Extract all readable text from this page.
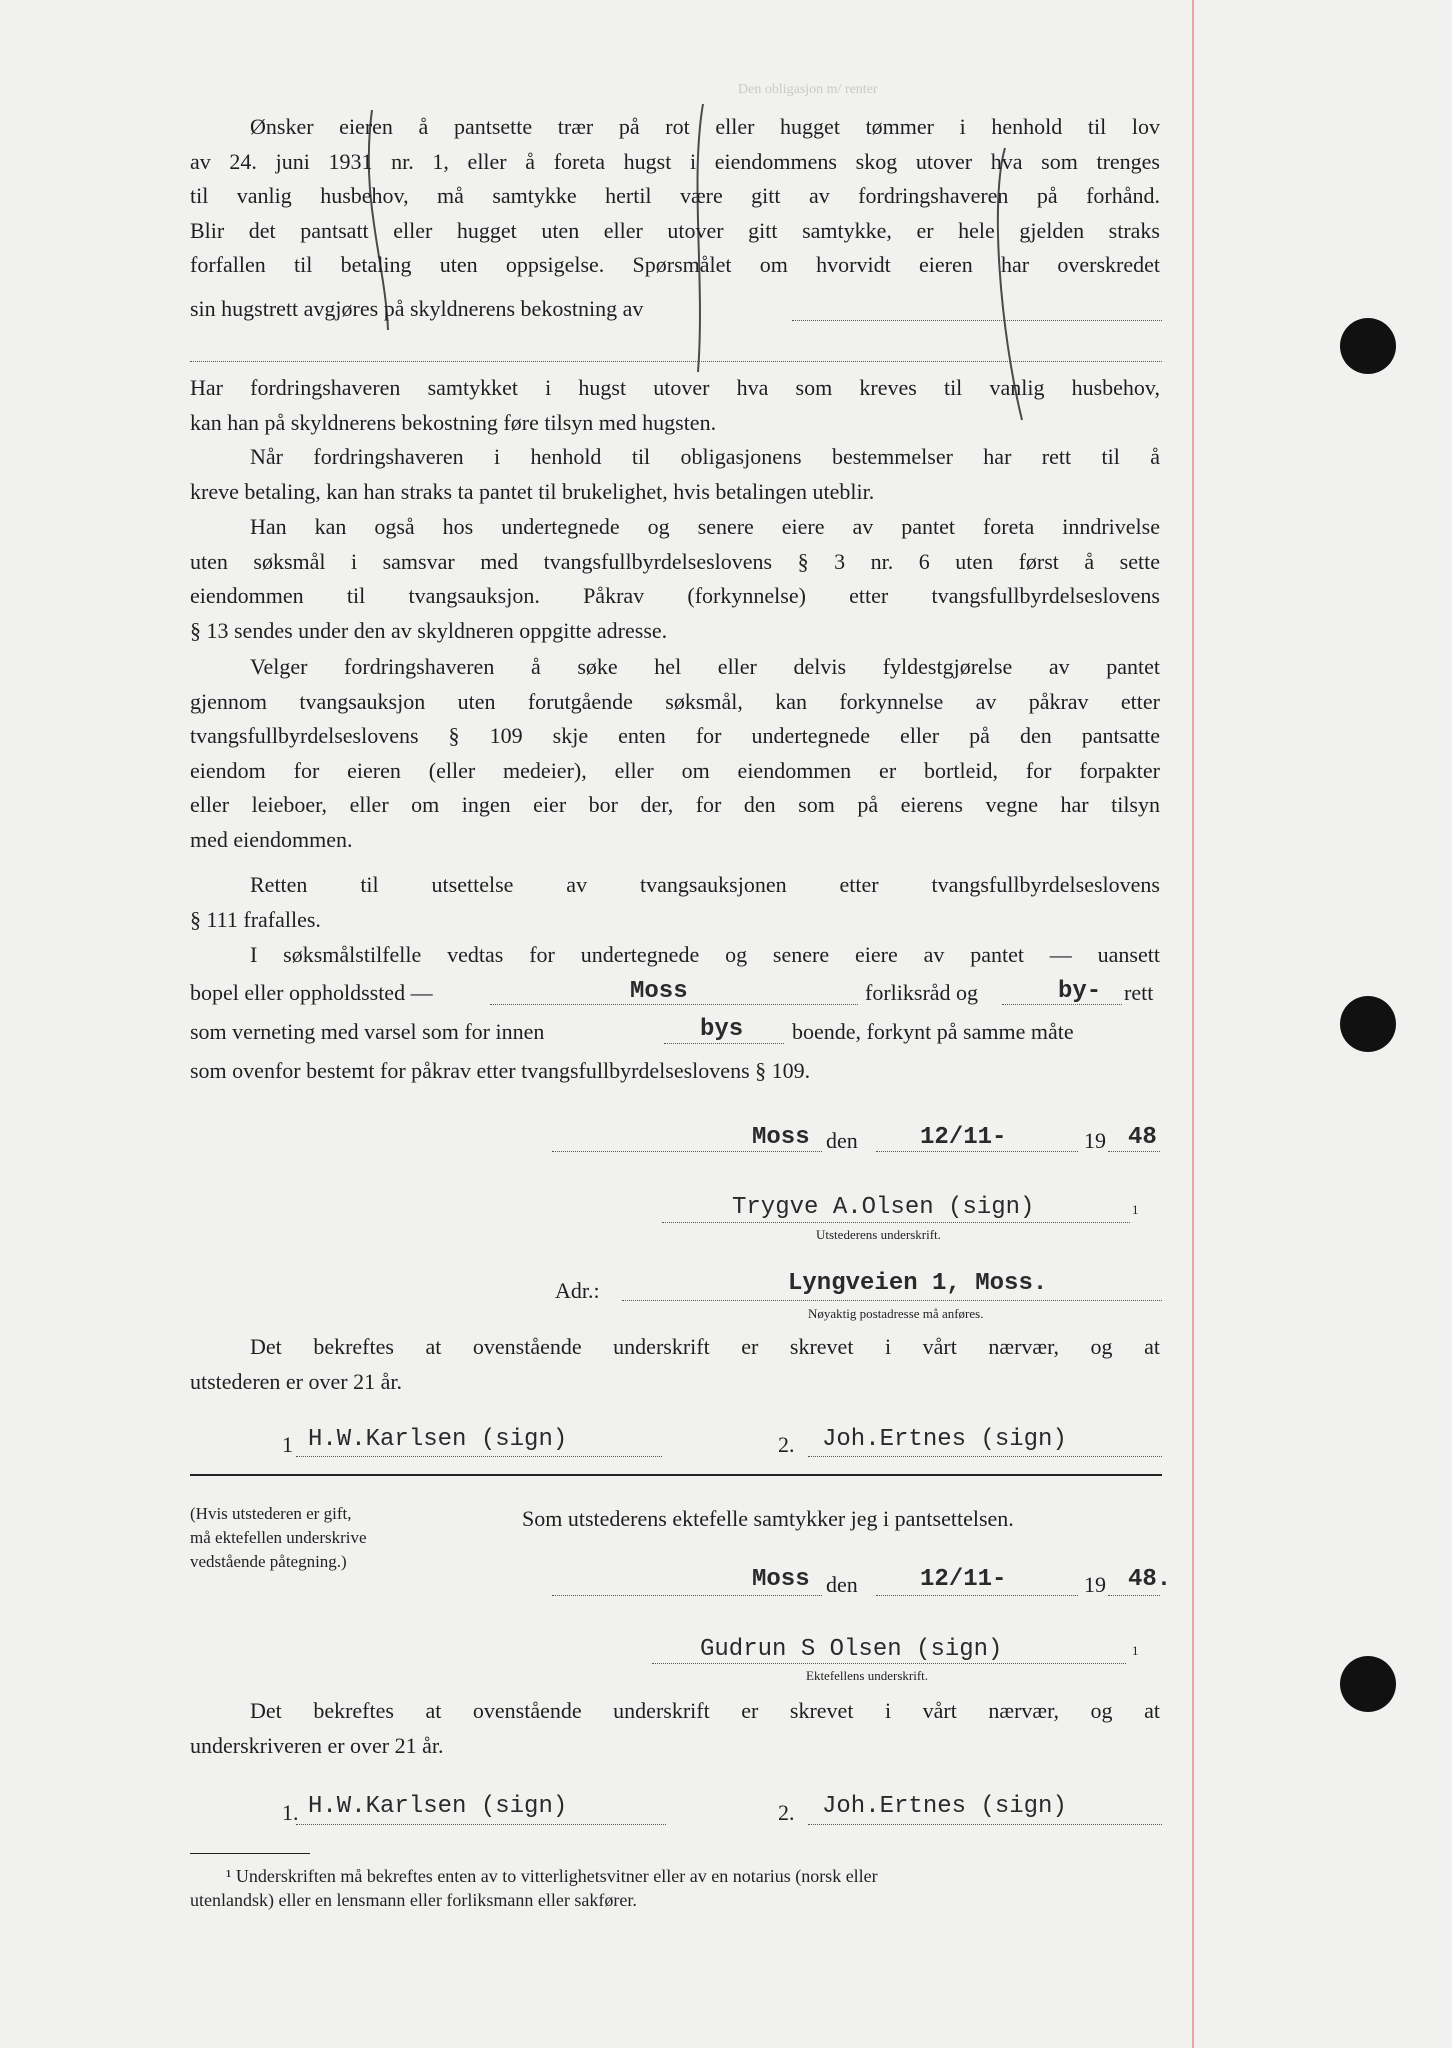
Den obligasjon m/ renter
Ønsker eieren å pantsette trær på rot eller hugget tømmer i henhold til lov
av 24. juni 1931 nr. 1, eller å foreta hugst i eiendommens skog utover hva som trenges
til vanlig husbehov, må samtykke hertil være gitt av fordringshaveren på forhånd.
Blir det pantsatt eller hugget uten eller utover gitt samtykke, er hele gjelden straks
forfallen til betaling uten oppsigelse. Spørsmålet om hvorvidt eieren har overskredet
sin hugstrett avgjøres på skyldnerens bekostning av
Har fordringshaveren samtykket i hugst utover hva som kreves til vanlig husbehov,
kan han på skyldnerens bekostning føre tilsyn med hugsten.
Når fordringshaveren i henhold til obligasjonens bestemmelser har rett til å
kreve betaling, kan han straks ta pantet til brukelighet, hvis betalingen uteblir.
Han kan også hos undertegnede og senere eiere av pantet foreta inndrivelse
uten søksmål i samsvar med tvangsfullbyrdelseslovens § 3 nr. 6 uten først å sette
eiendommen til tvangsauksjon. Påkrav (forkynnelse) etter tvangsfullbyrdelseslovens
§ 13 sendes under den av skyldneren oppgitte adresse.
Velger fordringshaveren å søke hel eller delvis fyldestgjørelse av pantet
gjennom tvangsauksjon uten forutgående søksmål, kan forkynnelse av påkrav etter
tvangsfullbyrdelseslovens § 109 skje enten for undertegnede eller på den pantsatte
eiendom for eieren (eller medeier), eller om eiendommen er bortleid, for forpakter
eller leieboer, eller om ingen eier bor der, for den som på eierens vegne har tilsyn
med eiendommen.
Retten til utsettelse av tvangsauksjonen etter tvangsfullbyrdelseslovens
§ 111 frafalles.
I søksmålstilfelle vedtas for undertegnede og senere eiere av pantet — uansett
bopel eller oppholdssted —	Moss	forliksråd og	by- rett
som verneting med varsel som for innen	bys boende, forkynt på samme måte
som ovenfor bestemt for påkrav etter tvangsfullbyrdelseslovens § 109.
Moss den	12/11-	19 48
Trygve A.Olsen (sign)	1
Utstederens underskrift.
Adr.:	Lyngveien 1, Moss.
Nøyaktig postadresse må anføres.
Det bekreftes at ovenstående underskrift er skrevet i vårt nærvær, og at
utstederen er over 21 år.
1 H.W.Karlsen (sign)	2. Joh.Ertnes (sign)
(Hvis utstederen er gift,
må ektefellen underskrive
vedstående påtegning.)
Som utstederens ektefelle samtykker jeg i pantsettelsen.
Moss den	12/11-	19 48.
Gudrun S Olsen (sign)	1
Ektefellens underskrift.
Det bekreftes at ovenstående underskrift er skrevet i vårt nærvær, og at
underskriveren er over 21 år.
1. H.W.Karlsen (sign)	2. Joh.Ertnes (sign)
¹ Underskriften må bekreftes enten av to vitterlighetsvitner eller av en notarius (norsk eller
utenlandsk) eller en lensmann eller forliksmann eller sakfører.
